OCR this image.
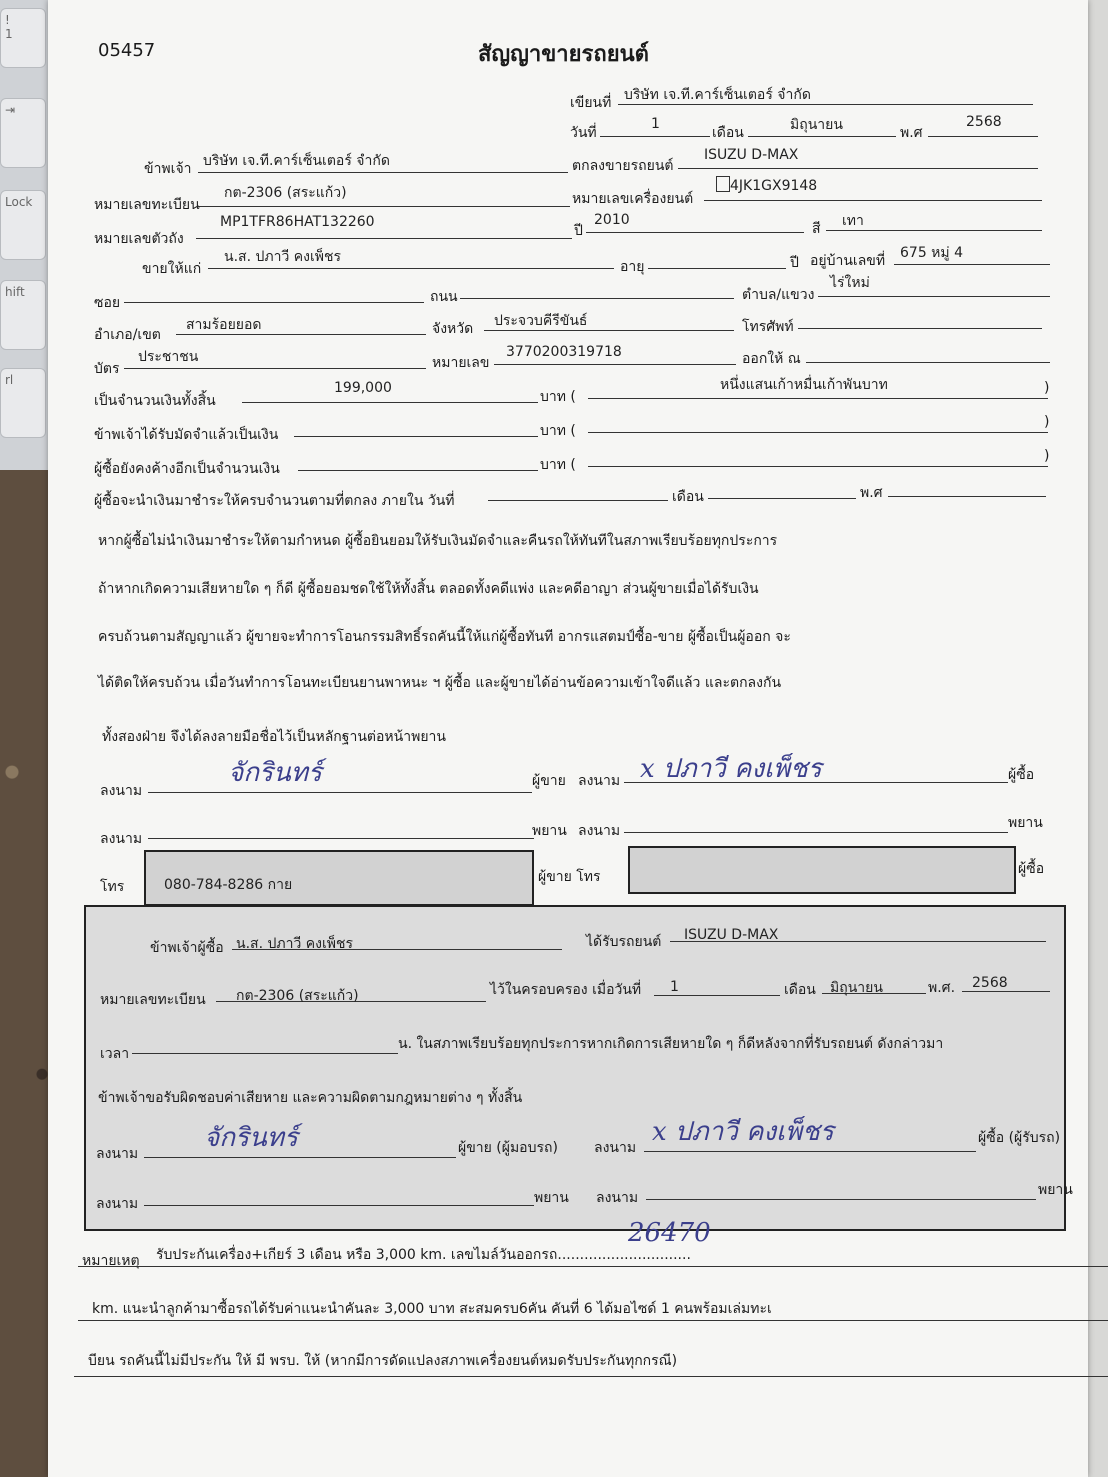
!
1
⇥
Lock
hift
rl
05457	สัญญาขายรถยนต์
เขียนที่ บริษัท เจ.ที.คาร์เซ็นเตอร์ จำกัด
วันที่
1
เดือน	มิถุนายน	พ.ศ
2568
ข้าพเจ้า บริษัท เจ.ที.คาร์เซ็นเตอร์ จำกัด	ตกลงขายรถยนต์
ISUZU D-MAX
หมายเลขทะเบียน
กต-2306 (สระแก้ว)	หมายเลขเครื่องยนต์
4JK1GX9148
หมายเลขตัวถัง
MP1TFR86HAT132260
ปี
2010
สี เทา
ขายให้แก่
น.ส. ปภาวี คงเพ็ชร
อายุ	ปี อยู่บ้านเลขที่ 675 หมู่ 4
ซอย	ถนน	ตำบล/แขวง
ไร่ใหม่
อำเภอ/เขต
สามร้อยยอด	จังหวัด ประจวบคีรีขันธ์	โทรศัพท์
บัตร
ประชาชน	หมายเลข
3770200319718	ออกให้ ณ
เป็นจำนวนเงินทั้งสิ้น
199,000
บาท (
หนึ่งแสนเก้าหมื่นเก้าพันบาท	)
ข้าพเจ้าได้รับมัดจำแล้วเป็นเงิน	บาท (
)
ผู้ซื้อยังคงค้างอีกเป็นจำนวนเงิน	บาท (
)
ผู้ซื้อจะนำเงินมาชำระให้ครบจำนวนตามที่ตกลง ภายใน วันที่	เดือน	พ.ศ
หากผู้ซื้อไม่นำเงินมาชำระให้ตามกำหนด ผู้ซื้อยินยอมให้รับเงินมัดจำและคืนรถให้ทันทีในสภาพเรียบร้อยทุกประการ
ถ้าหากเกิดความเสียหายใด ๆ ก็ดี ผู้ซื้อยอมชดใช้ให้ทั้งสิ้น ตลอดทั้งคดีแพ่ง และคดีอาญา ส่วนผู้ขายเมื่อได้รับเงิน
ครบถ้วนตามสัญญาแล้ว ผู้ขายจะทำการโอนกรรมสิทธิ์รถคันนี้ให้แก่ผู้ซื้อทันที อากรแสตมป์ซื้อ-ขาย ผู้ซื้อเป็นผู้ออก จะ
ได้ติดให้ครบถ้วน เมื่อวันทำการโอนทะเบียนยานพาหนะ ฯ ผู้ซื้อ และผู้ขายได้อ่านข้อความเข้าใจดีแล้ว และตกลงกัน
ทั้งสองฝ่าย จึงได้ลงลายมือชื่อไว้เป็นหลักฐานต่อหน้าพยาน
ลงนาม
จักรินทร์	ผู้ขาย ลงนาม x ปภาวี คงเพ็ชร	ผู้ซื้อ
ลงนาม	พยาน ลงนาม	พยาน
โทร	080-784-8286 กาย	ผู้ขาย โทร	ผู้ซื้อ
ข้าพเจ้าผู้ซื้อ น.ส. ปภาวี คงเพ็ชร	ได้รับรถยนต์ ISUZU D-MAX
หมายเลขทะเบียน กต-2306 (สระแก้ว)	ไว้ในครอบครอง เมื่อวันที่ 1	เดือน มิถุนายน	พ.ศ. 2568
เวลา
น. ในสภาพเรียบร้อยทุกประการหากเกิดการเสียหายใด ๆ ก็ดีหลังจากที่รับรถยนต์ ดังกล่าวมา
ข้าพเจ้าขอรับผิดชอบค่าเสียหาย และความผิดตามกฎหมายต่าง ๆ ทั้งสิ้น
ลงนาม
จักรินทร์	ผู้ขาย (ผู้มอบรถ)	ลงนาม
x ปภาวี คงเพ็ชร	ผู้ซื้อ (ผู้รับรถ)
ลงนาม	พยาน ลงนาม	พยาน
หมายเหตุ รับประกันเครื่อง+เกียร์ 3 เดือน หรือ 3,000 km. เลขไมล์วันออกรถ..............................
26470
km. แนะนำลูกค้ามาซื้อรถได้รับค่าแนะนำคันละ 3,000 บาท สะสมครบ6คัน คันที่ 6 ได้มอไซด์ 1 คนพร้อมเล่มทะเ
บียน รถคันนี้ไม่มีประกัน ให้ มี พรบ. ให้ (หากมีการดัดแปลงสภาพเครื่องยนต์หมดรับประกันทุกกรณี)
